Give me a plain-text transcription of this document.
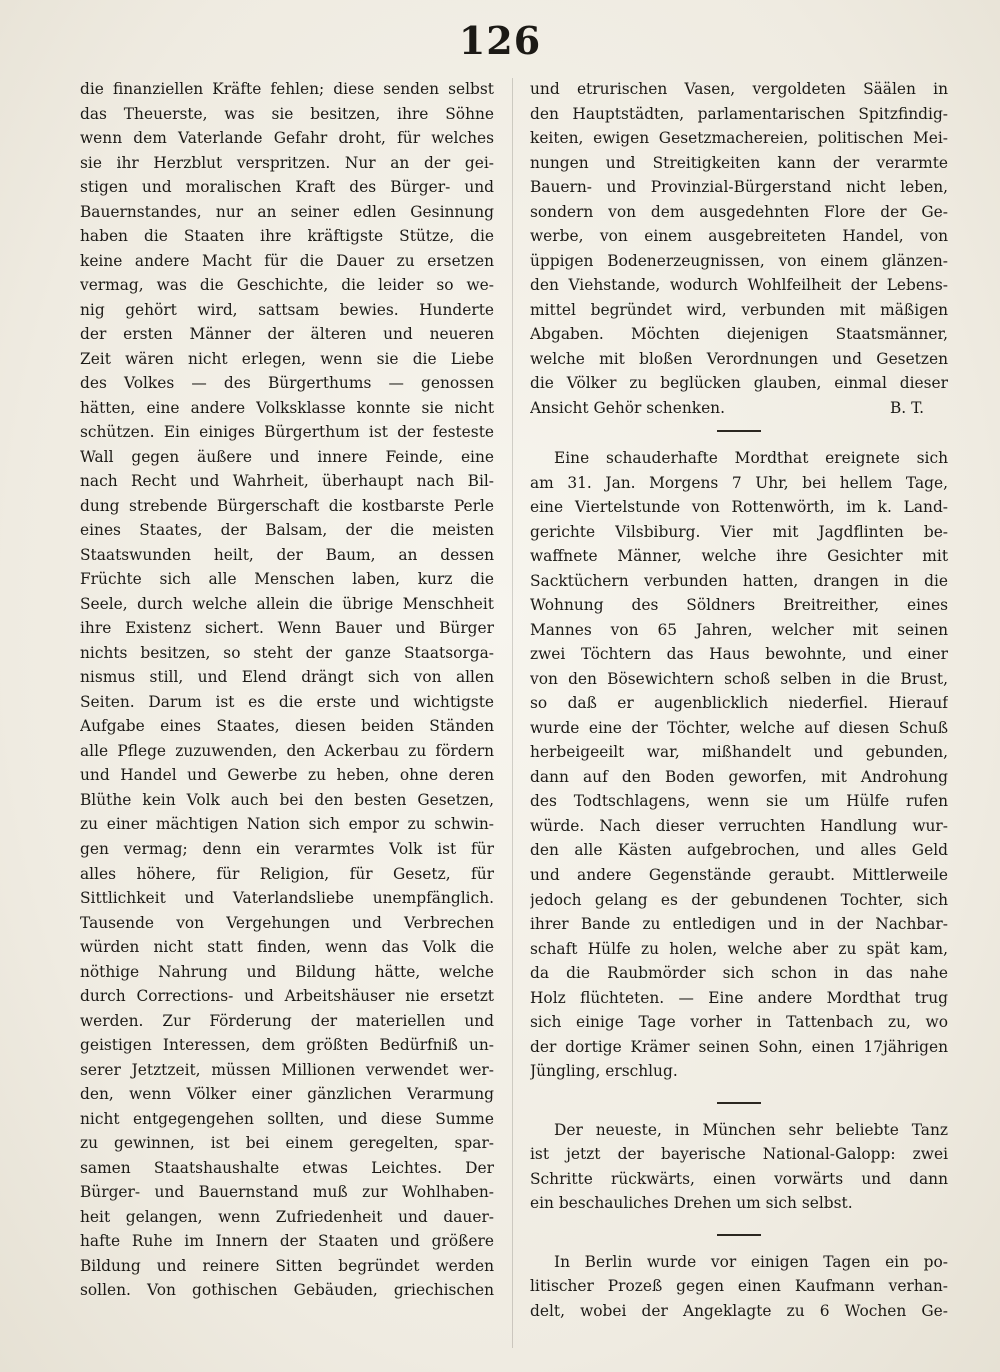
126
die finanziellen Kräfte fehlen; diese senden selbst
das Theuerste, was sie besitzen, ihre Söhne
wenn dem Vaterlande Gefahr droht, für welches
sie ihr Herzblut verspritzen. Nur an der gei-
stigen und moralischen Kraft des Bürger- und
Bauernstandes, nur an seiner edlen Gesinnung
haben die Staaten ihre kräftigste Stütze, die
keine andere Macht für die Dauer zu ersetzen
vermag, was die Geschichte, die leider so we-
nig gehört wird, sattsam bewies. Hunderte
der ersten Männer der älteren und neueren
Zeit wären nicht erlegen, wenn sie die Liebe
des Volkes — des Bürgerthums — genossen
hätten, eine andere Volksklasse konnte sie nicht
schützen. Ein einiges Bürgerthum ist der festeste
Wall gegen äußere und innere Feinde, eine
nach Recht und Wahrheit, überhaupt nach Bil-
dung strebende Bürgerschaft die kostbarste Perle
eines Staates, der Balsam, der die meisten
Staatswunden heilt, der Baum, an dessen
Früchte sich alle Menschen laben, kurz die
Seele, durch welche allein die übrige Menschheit
ihre Existenz sichert. Wenn Bauer und Bürger
nichts besitzen, so steht der ganze Staatsorga-
nismus still, und Elend drängt sich von allen
Seiten. Darum ist es die erste und wichtigste
Aufgabe eines Staates, diesen beiden Ständen
alle Pflege zuzuwenden, den Ackerbau zu fördern
und Handel und Gewerbe zu heben, ohne deren
Blüthe kein Volk auch bei den besten Gesetzen,
zu einer mächtigen Nation sich empor zu schwin-
gen vermag; denn ein verarmtes Volk ist für
alles höhere, für Religion, für Gesetz, für
Sittlichkeit und Vaterlandsliebe unempfänglich.
Tausende von Vergehungen und Verbrechen
würden nicht statt finden, wenn das Volk die
nöthige Nahrung und Bildung hätte, welche
durch Corrections- und Arbeitshäuser nie ersetzt
werden. Zur Förderung der materiellen und
geistigen Interessen, dem größten Bedürfniß un-
serer Jetztzeit, müssen Millionen verwendet wer-
den, wenn Völker einer gänzlichen Verarmung
nicht entgegengehen sollten, und diese Summe
zu gewinnen, ist bei einem geregelten, spar-
samen Staatshaushalte etwas Leichtes. Der
Bürger- und Bauernstand muß zur Wohlhaben-
heit gelangen, wenn Zufriedenheit und dauer-
hafte Ruhe im Innern der Staaten und größere
Bildung und reinere Sitten begründet werden
sollen. Von gothischen Gebäuden, griechischen
und etrurischen Vasen, vergoldeten Säälen in
den Hauptstädten, parlamentarischen Spitzfindig-
keiten, ewigen Gesetzmachereien, politischen Mei-
nungen und Streitigkeiten kann der verarmte
Bauern- und Provinzial-Bürgerstand nicht leben,
sondern von dem ausgedehnten Flore der Ge-
werbe, von einem ausgebreiteten Handel, von
üppigen Bodenerzeugnissen, von einem glänzen-
den Viehstande, wodurch Wohlfeilheit der Lebens-
mittel begründet wird, verbunden mit mäßigen
Abgaben. Möchten diejenigen Staatsmänner,
welche mit bloßen Verordnungen und Gesetzen
die Völker zu beglücken glauben, einmal dieser
Ansicht Gehör schenken.	B. T.
Eine schauderhafte Mordthat ereignete sich
am 31. Jan. Morgens 7 Uhr, bei hellem Tage,
eine Viertelstunde von Rottenwörth, im k. Land-
gerichte Vilsbiburg. Vier mit Jagdflinten be-
waffnete Männer, welche ihre Gesichter mit
Sacktüchern verbunden hatten, drangen in die
Wohnung des Söldners Breitreither, eines
Mannes von 65 Jahren, welcher mit seinen
zwei Töchtern das Haus bewohnte, und einer
von den Bösewichtern schoß selben in die Brust,
so daß er augenblicklich niederfiel. Hierauf
wurde eine der Töchter, welche auf diesen Schuß
herbeigeeilt war, mißhandelt und gebunden,
dann auf den Boden geworfen, mit Androhung
des Todtschlagens, wenn sie um Hülfe rufen
würde. Nach dieser verruchten Handlung wur-
den alle Kästen aufgebrochen, und alles Geld
und andere Gegenstände geraubt. Mittlerweile
jedoch gelang es der gebundenen Tochter, sich
ihrer Bande zu entledigen und in der Nachbar-
schaft Hülfe zu holen, welche aber zu spät kam,
da die Raubmörder sich schon in das nahe
Holz flüchteten. — Eine andere Mordthat trug
sich einige Tage vorher in Tattenbach zu, wo
der dortige Krämer seinen Sohn, einen 17jährigen
Jüngling, erschlug.
Der neueste, in München sehr beliebte Tanz
ist jetzt der bayerische National-Galopp: zwei
Schritte rückwärts, einen vorwärts und dann
ein beschauliches Drehen um sich selbst.
In Berlin wurde vor einigen Tagen ein po-
litischer Prozeß gegen einen Kaufmann verhan-
delt, wobei der Angeklagte zu 6 Wochen Ge-
